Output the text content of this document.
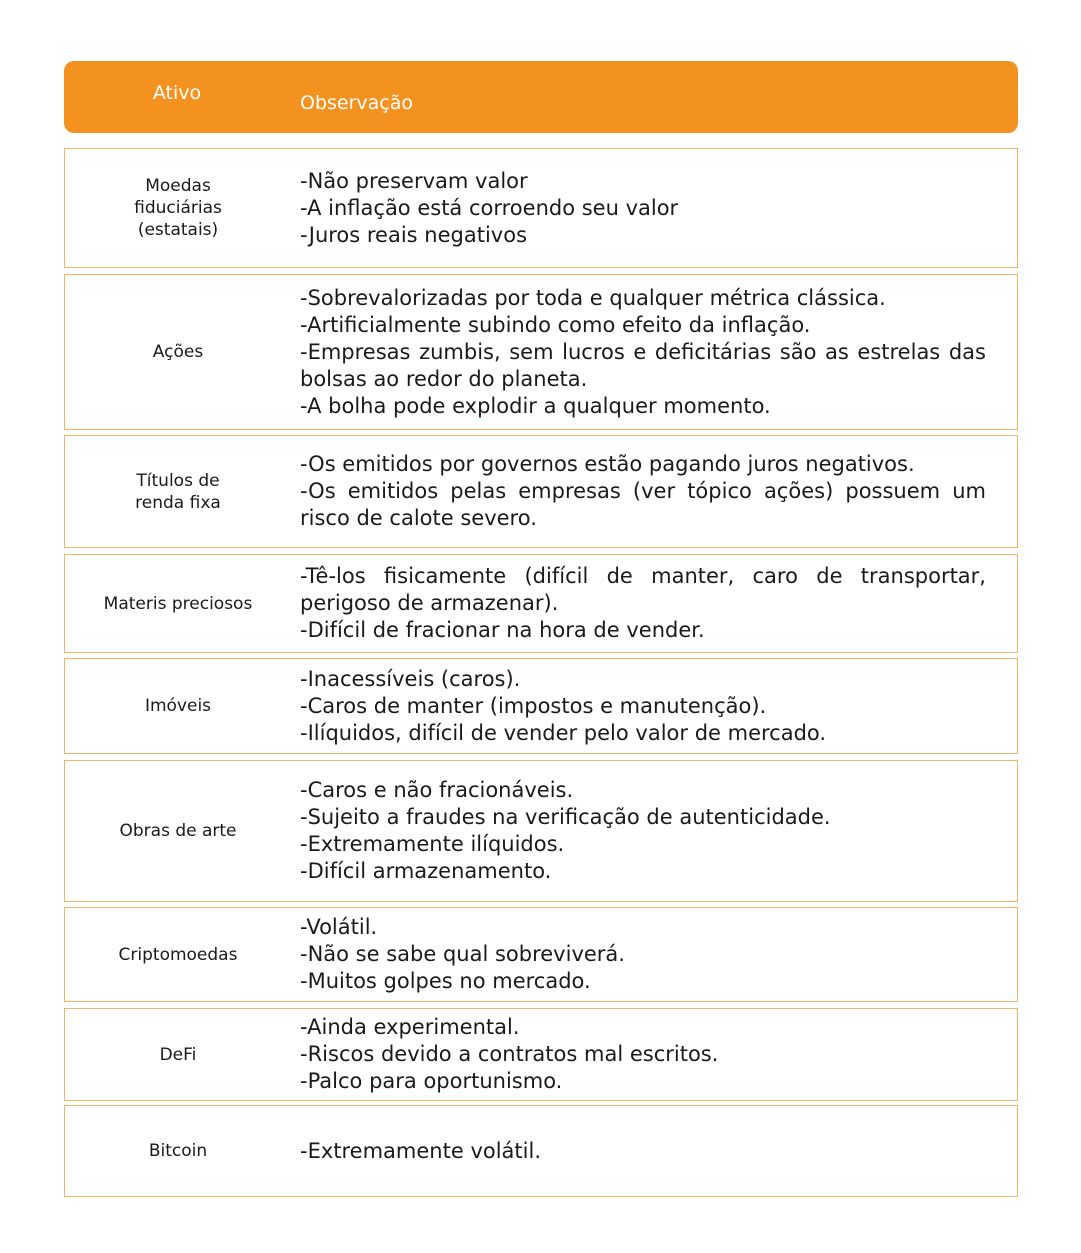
Ativo	Observação
Moedas
fiduciárias
(estatais)
-Não preservam valor
-A inflação está corroendo seu valor
-Juros reais negativos
Ações
-Sobrevalorizadas por toda e qualquer métrica clássica.
-Artificialmente subindo como efeito da inflação.
-Empresas zumbis, sem lucros e deficitárias são as estrelas das bolsas ao redor do planeta.
-A bolha pode explodir a qualquer momento.
Títulos de
renda fixa
-Os emitidos por governos estão pagando juros negativos.
-Os emitidos pelas empresas (ver tópico ações) possuem um risco de calote severo.
Materis preciosos
-Tê-los fisicamente (difícil de manter, caro de transportar, perigoso de armazenar).
-Difícil de fracionar na hora de vender.
Imóveis
-Inacessíveis (caros).
-Caros de manter (impostos e manutenção).
-Ilíquidos, difícil de vender pelo valor de mercado.
Obras de arte
-Caros e não fracionáveis.
-Sujeito a fraudes na verificação de autenticidade.
-Extremamente ilíquidos.
-Difícil armazenamento.
Criptomoedas
-Volátil.
-Não se sabe qual sobreviverá.
-Muitos golpes no mercado.
DeFi
-Ainda experimental.
-Riscos devido a contratos mal escritos.
-Palco para oportunismo.
Bitcoin	-Extremamente volátil.
